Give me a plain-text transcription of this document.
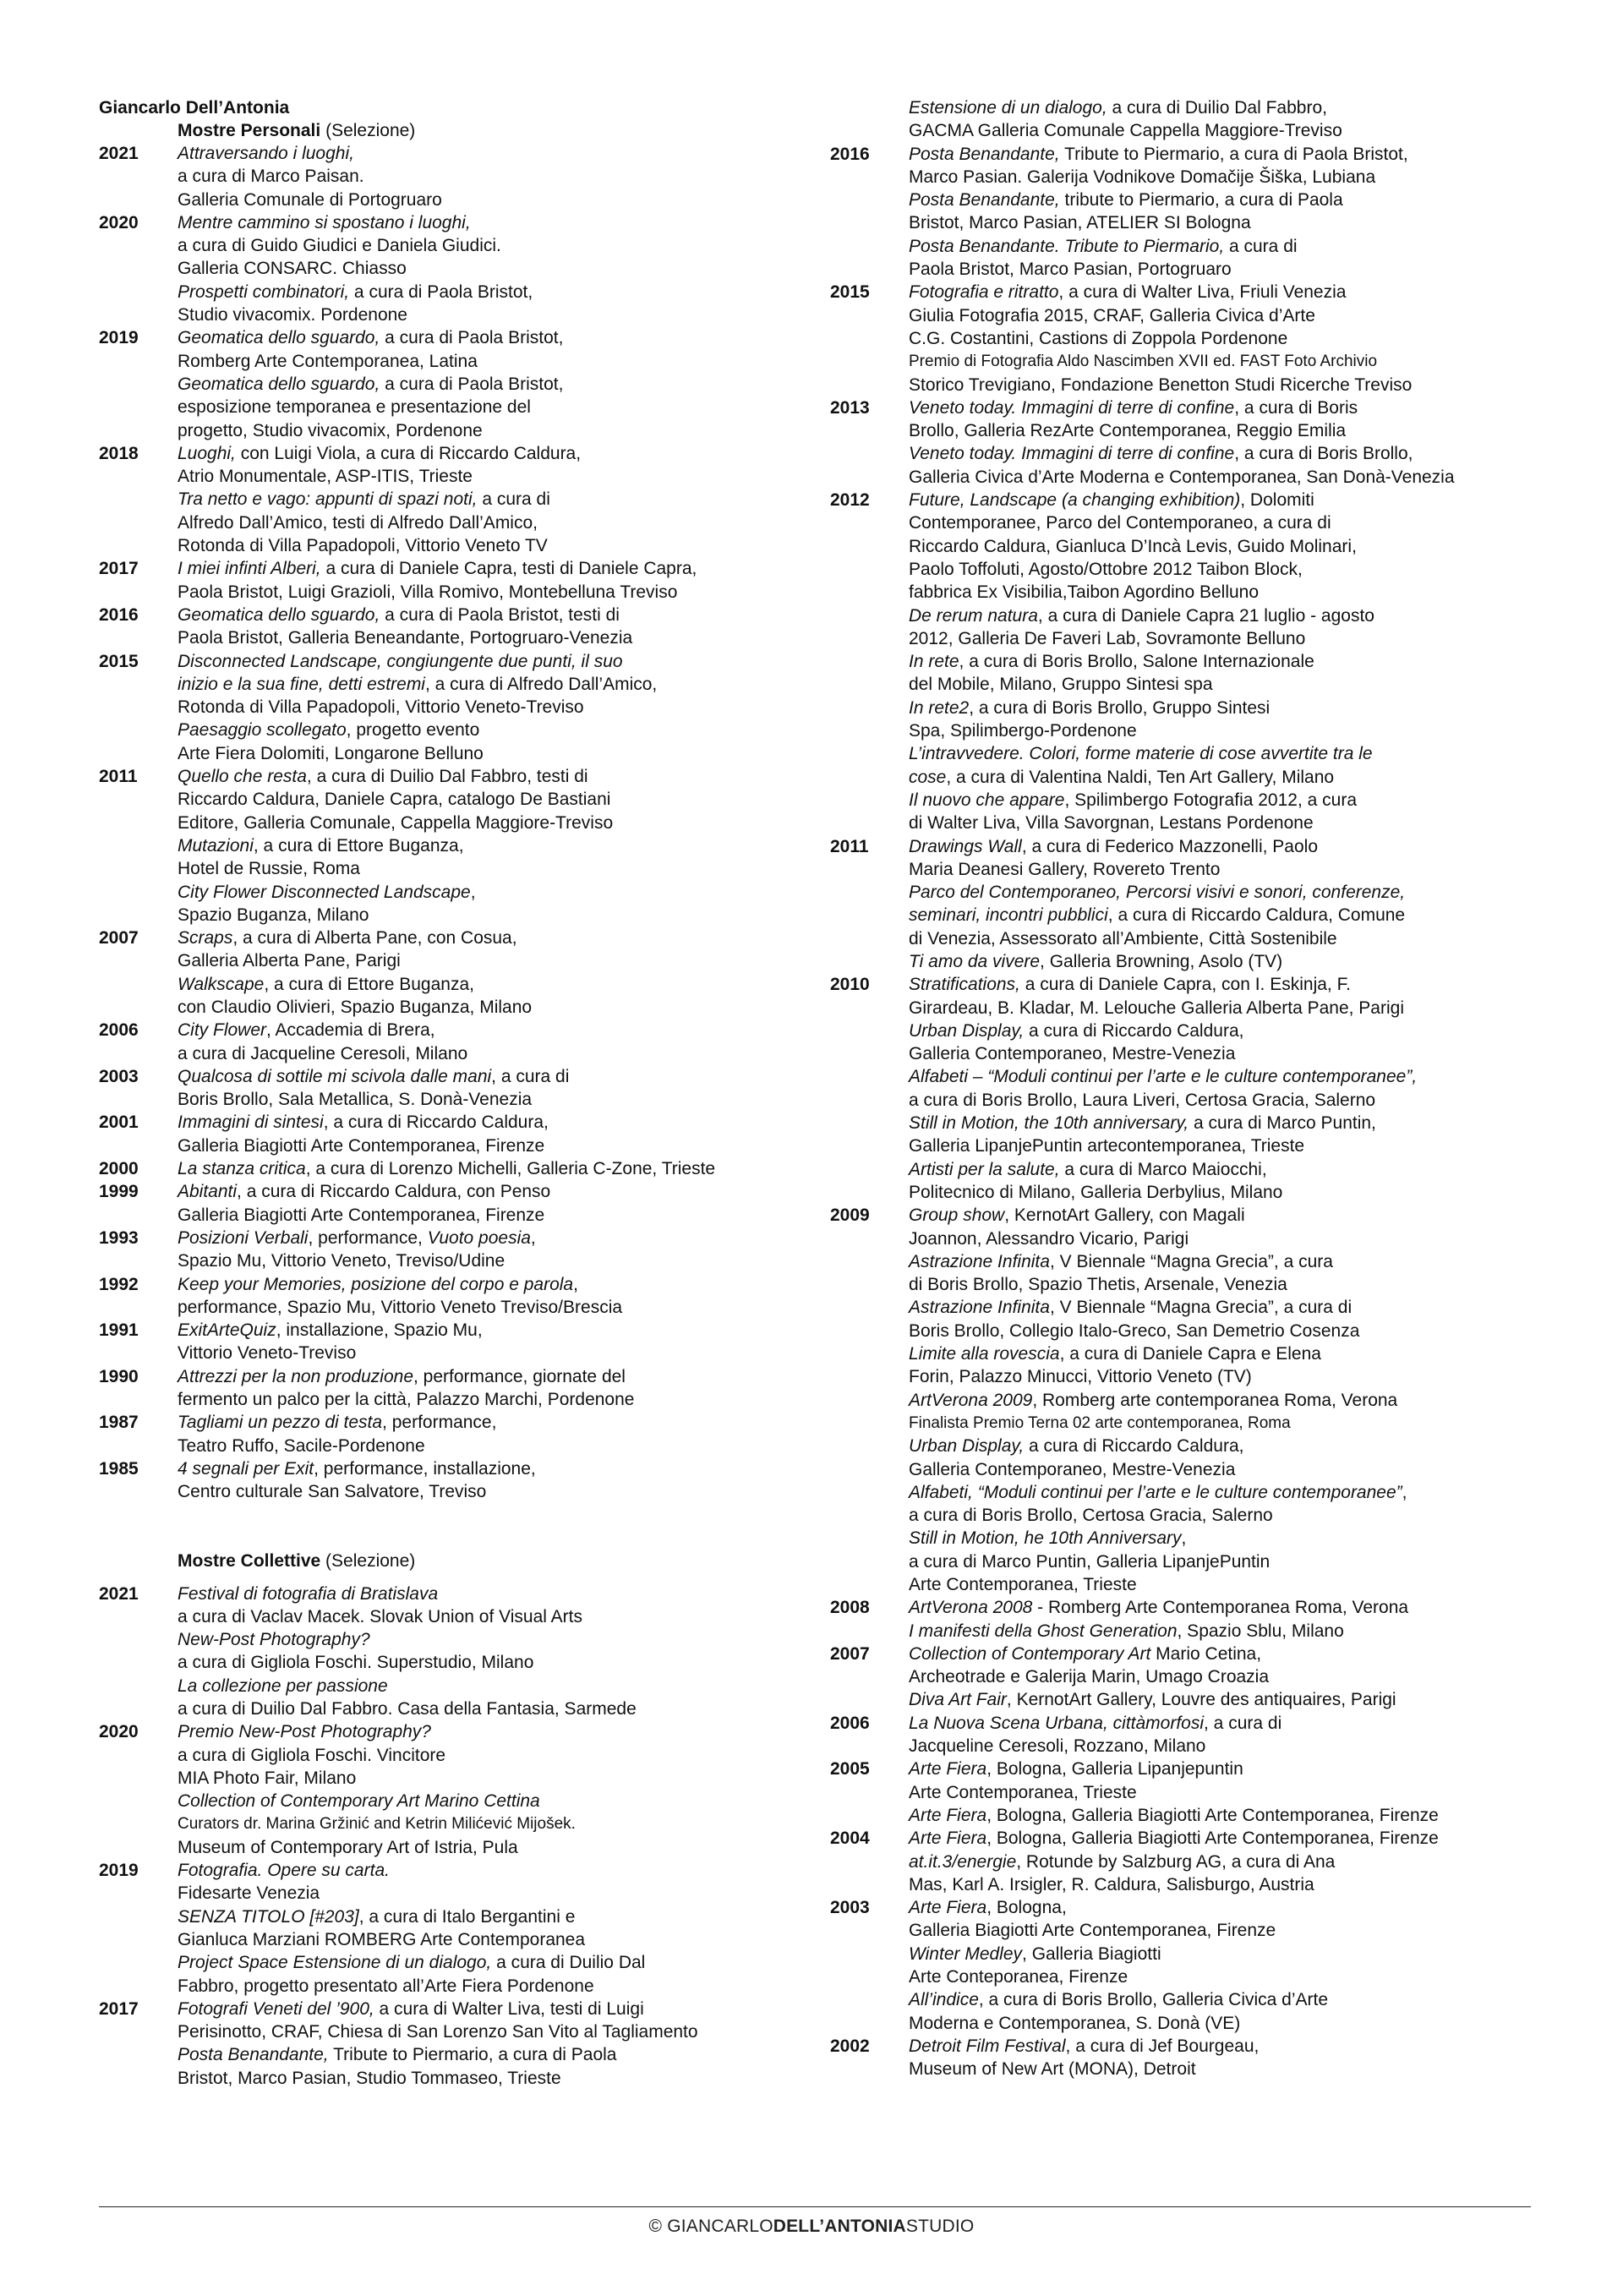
Giancarlo Dell’Antonia
Mostre Personali (Selezione)
2021	Attraversando i luoghi,
a cura di Marco Paisan.
Galleria Comunale di Portogruaro
2020	Mentre cammino si spostano i luoghi,
a cura di Guido Giudici e Daniela Giudici.
Galleria CONSARC. Chiasso
Prospetti combinatori, a cura di Paola Bristot,
Studio vivacomix. Pordenone
2019	Geomatica dello sguardo, a cura di Paola Bristot,
Romberg Arte Contemporanea, Latina
Geomatica dello sguardo, a cura di Paola Bristot,
esposizione temporanea e presentazione del
progetto, Studio vivacomix, Pordenone
2018	Luoghi, con Luigi Viola, a cura di Riccardo Caldura,
Atrio Monumentale, ASP-ITIS, Trieste
Tra netto e vago: appunti di spazi noti, a cura di
Alfredo Dall’Amico, testi di Alfredo Dall’Amico,
Rotonda di Villa Papadopoli, Vittorio Veneto TV
2017	I miei infinti Alberi, a cura di Daniele Capra, testi di Daniele Capra,
Paola Bristot, Luigi Grazioli, Villa Romivo, Montebelluna Treviso
2016	Geomatica dello sguardo, a cura di Paola Bristot, testi di
Paola Bristot, Galleria Beneandante, Portogruaro-Venezia
2015	Disconnected Landscape, congiungente due punti, il suo
inizio e la sua fine, detti estremi, a cura di Alfredo Dall’Amico,
Rotonda di Villa Papadopoli, Vittorio Veneto-Treviso
Paesaggio scollegato, progetto evento
Arte Fiera Dolomiti, Longarone Belluno
2011	Quello che resta, a cura di Duilio Dal Fabbro, testi di
Riccardo Caldura, Daniele Capra, catalogo De Bastiani
Editore, Galleria Comunale, Cappella Maggiore-Treviso
Mutazioni, a cura di Ettore Buganza,
Hotel de Russie, Roma
City Flower Disconnected Landscape,
Spazio Buganza, Milano
2007	Scraps, a cura di Alberta Pane, con Cosua,
Galleria Alberta Pane, Parigi
Walkscape, a cura di Ettore Buganza,
con Claudio Olivieri, Spazio Buganza, Milano
2006	City Flower, Accademia di Brera,
a cura di Jacqueline Ceresoli, Milano
2003	Qualcosa di sottile mi scivola dalle mani, a cura di
Boris Brollo, Sala Metallica, S. Donà-Venezia
2001	Immagini di sintesi, a cura di Riccardo Caldura,
Galleria Biagiotti Arte Contemporanea, Firenze
2000	La stanza critica, a cura di Lorenzo Michelli, Galleria C-Zone, Trieste
1999	Abitanti, a cura di Riccardo Caldura, con Penso
Galleria Biagiotti Arte Contemporanea, Firenze
1993	Posizioni Verbali, performance, Vuoto poesia,
Spazio Mu, Vittorio Veneto, Treviso/Udine
1992	Keep your Memories, posizione del corpo e parola,
performance, Spazio Mu, Vittorio Veneto Treviso/Brescia
1991	ExitArteQuiz, installazione, Spazio Mu,
Vittorio Veneto-Treviso
1990	Attrezzi per la non produzione, performance, giornate del
fermento un palco per la città, Palazzo Marchi, Pordenone
1987	Tagliami un pezzo di testa, performance,
Teatro Ruffo, Sacile-Pordenone
1985	4 segnali per Exit, performance, installazione,
Centro culturale San Salvatore, Treviso
Mostre Collettive (Selezione)
2021	Festival di fotografia di Bratislava
a cura di Vaclav Macek. Slovak Union of Visual Arts
New-Post Photography?
a cura di Gigliola Foschi. Superstudio, Milano
La collezione per passione
a cura di Duilio Dal Fabbro. Casa della Fantasia, Sarmede
2020	Premio New-Post Photography?
a cura di Gigliola Foschi. Vincitore
MIA Photo Fair, Milano
Collection of Contemporary Art Marino Cettina
Curators dr. Marina Gržinić and Ketrin Milićević Mijošek.
Museum of Contemporary Art of Istria, Pula
2019	Fotografia. Opere su carta.
Fidesarte Venezia
SENZA TITOLO [#203], a cura di Italo Bergantini e
Gianluca Marziani ROMBERG Arte Contemporanea
Project Space Estensione di un dialogo, a cura di Duilio Dal
Fabbro, progetto presentato all’Arte Fiera Pordenone
2017	Fotografi Veneti del ’900, a cura di Walter Liva, testi di Luigi
Perisinotto, CRAF, Chiesa di San Lorenzo San Vito al Tagliamento
Posta Benandante, Tribute to Piermario, a cura di Paola
Bristot, Marco Pasian, Studio Tommaseo, Trieste
Estensione di un dialogo, a cura di Duilio Dal Fabbro,
GACMA Galleria Comunale Cappella Maggiore-Treviso
2016	Posta Benandante, Tribute to Piermario, a cura di Paola Bristot,
Marco Pasian. Galerija Vodnikove Domačije Šiška, Lubiana
Posta Benandante, tribute to Piermario, a cura di Paola
Bristot, Marco Pasian, ATELIER SI Bologna
Posta Benandante. Tribute to Piermario, a cura di
Paola Bristot, Marco Pasian, Portogruaro
2015	Fotografia e ritratto, a cura di Walter Liva, Friuli Venezia
Giulia Fotografia 2015, CRAF, Galleria Civica d’Arte
C.G. Costantini, Castions di Zoppola Pordenone
Premio di Fotografia Aldo Nascimben XVII ed. FAST Foto Archivio
Storico Trevigiano, Fondazione Benetton Studi Ricerche Treviso
2013	Veneto today. Immagini di terre di confine, a cura di Boris
Brollo, Galleria RezArte Contemporanea, Reggio Emilia
Veneto today. Immagini di terre di confine, a cura di Boris Brollo,
Galleria Civica d’Arte Moderna e Contemporanea, San Donà-Venezia
2012	Future, Landscape (a changing exhibition), Dolomiti
Contemporanee, Parco del Contemporaneo, a cura di
Riccardo Caldura, Gianluca D’Incà Levis, Guido Molinari,
Paolo Toffoluti, Agosto/Ottobre 2012 Taibon Block,
fabbrica Ex Visibilia,Taibon Agordino Belluno
De rerum natura, a cura di Daniele Capra 21 luglio - agosto
2012, Galleria De Faveri Lab, Sovramonte Belluno
In rete, a cura di Boris Brollo, Salone Internazionale
del Mobile, Milano, Gruppo Sintesi spa
In rete2, a cura di Boris Brollo, Gruppo Sintesi
Spa, Spilimbergo-Pordenone
L’intravvedere. Colori, forme materie di cose avvertite tra le
cose, a cura di Valentina Naldi, Ten Art Gallery, Milano
Il nuovo che appare, Spilimbergo Fotografia 2012, a cura
di Walter Liva, Villa Savorgnan, Lestans Pordenone
2011	Drawings Wall, a cura di Federico Mazzonelli, Paolo
Maria Deanesi Gallery, Rovereto Trento
Parco del Contemporaneo, Percorsi visivi e sonori, conferenze,
seminari, incontri pubblici, a cura di Riccardo Caldura, Comune
di Venezia, Assessorato all’Ambiente, Città Sostenibile
Ti amo da vivere, Galleria Browning, Asolo (TV)
2010	Stratifications, a cura di Daniele Capra, con I. Eskinja, F.
Girardeau, B. Kladar, M. Lelouche Galleria Alberta Pane, Parigi
Urban Display, a cura di Riccardo Caldura,
Galleria Contemporaneo, Mestre-Venezia
Alfabeti – “Moduli continui per l’arte e le culture contemporanee”,
a cura di Boris Brollo, Laura Liveri, Certosa Gracia, Salerno
Still in Motion, the 10th anniversary, a cura di Marco Puntin,
Galleria LipanjePuntin artecontemporanea, Trieste
Artisti per la salute, a cura di Marco Maiocchi,
Politecnico di Milano, Galleria Derbylius, Milano
2009	Group show, KernotArt Gallery, con Magali
Joannon, Alessandro Vicario, Parigi
Astrazione Infinita, V Biennale “Magna Grecia”, a cura
di Boris Brollo, Spazio Thetis, Arsenale, Venezia
Astrazione Infinita, V Biennale “Magna Grecia”, a cura di
Boris Brollo, Collegio Italo-Greco, San Demetrio Cosenza
Limite alla rovescia, a cura di Daniele Capra e Elena
Forin, Palazzo Minucci, Vittorio Veneto (TV)
ArtVerona 2009, Romberg arte contemporanea Roma, Verona
Finalista Premio Terna 02 arte contemporanea, Roma
Urban Display, a cura di Riccardo Caldura,
Galleria Contemporaneo, Mestre-Venezia
Alfabeti, “Moduli continui per l’arte e le culture contemporanee”,
a cura di Boris Brollo, Certosa Gracia, Salerno
Still in Motion, he 10th Anniversary,
a cura di Marco Puntin, Galleria LipanjePuntin
Arte Contemporanea, Trieste
2008	ArtVerona 2008 - Romberg Arte Contemporanea Roma, Verona
I manifesti della Ghost Generation, Spazio Sblu, Milano
2007	Collection of Contemporary Art Mario Cetina,
Archeotrade e Galerija Marin, Umago Croazia
Diva Art Fair, KernotArt Gallery, Louvre des antiquaires, Parigi
2006	La Nuova Scena Urbana, cittàmorfosi, a cura di
Jacqueline Ceresoli, Rozzano, Milano
2005	Arte Fiera, Bologna, Galleria Lipanjepuntin
Arte Contemporanea, Trieste
Arte Fiera, Bologna, Galleria Biagiotti Arte Contemporanea, Firenze
2004	Arte Fiera, Bologna, Galleria Biagiotti Arte Contemporanea, Firenze
at.it.3/energie, Rotunde by Salzburg AG, a cura di Ana
Mas, Karl A. Irsigler, R. Caldura, Salisburgo, Austria
2003	Arte Fiera, Bologna,
Galleria Biagiotti Arte Contemporanea, Firenze
Winter Medley, Galleria Biagiotti
Arte Conteporanea, Firenze
All’indice, a cura di Boris Brollo, Galleria Civica d’Arte
Moderna e Contemporanea, S. Donà (VE)
2002	Detroit Film Festival, a cura di Jef Bourgeau,
Museum of New Art (MONA), Detroit
© GIANCARLODELL’ANTONIASTUDIO
